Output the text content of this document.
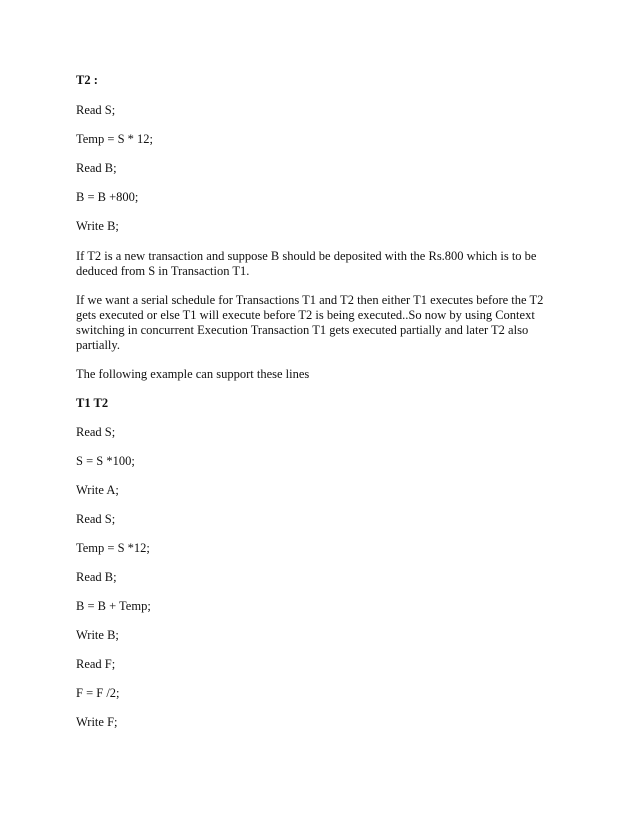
T2 :
Read S;
Temp = S * 12;
Read B;
B = B +800;
Write B;
If T2 is a new transaction and suppose B should be deposited with the Rs.800 which is to be
deduced from S in Transaction T1.
If we want a serial schedule for Transactions T1 and T2 then either T1 executes before the T2
gets executed or else T1 will execute before T2 is being executed..So now by using Context
switching in concurrent Execution Transaction T1 gets executed partially and later T2 also
partially.
The following example can support these lines
T1 T2
Read S;
S = S *100;
Write A;
Read S;
Temp = S *12;
Read B;
B = B + Temp;
Write B;
Read F;
F = F /2;
Write F;
